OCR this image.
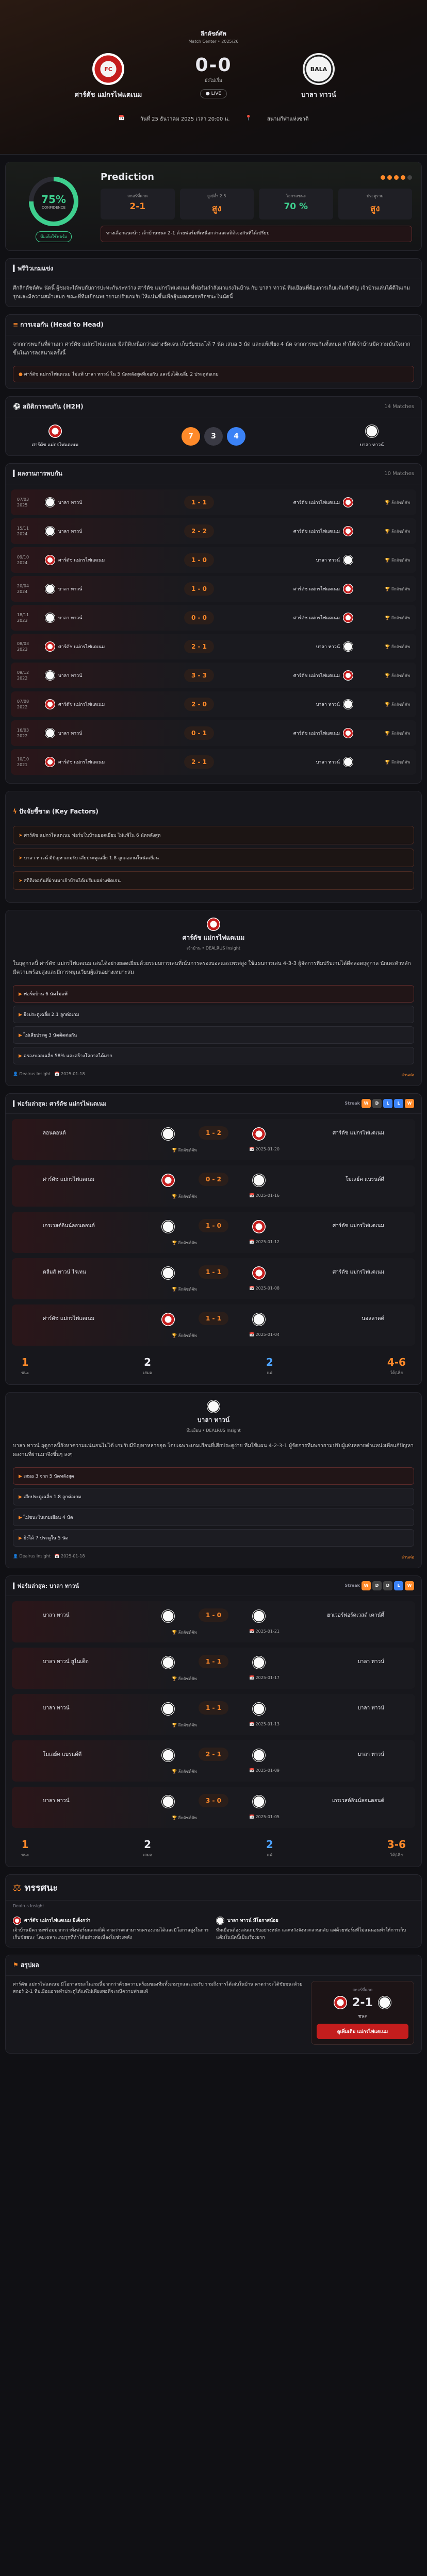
ลีกดัชต์คัพ
Match Center • 2025/26
FC
ศาร์ดัช แม่กรไฟแตเนม
0-0
ยังไม่เริ่ม
● LIVE
BALA
บาลา ทาวน์
📅	วันที่ 25 ธันวาคม 2025 เวลา 20:00 น.	📍	สนามกีฬาแห่งชาติ
75%
CONFIDENCE
ทีมเต็งใช้ฟอร์ม
Prediction
สกอร์ที่คาด
2-1
สูง/ต่ำ 2.5
สูง
โอกาสชนะ
70 %
ประตูรวม
สูง
ทางเลือกแนะนำ: เจ้าบ้านชนะ 2-1 ด้วยฟอร์มที่เหนือกว่าและสถิติเจอกันที่ได้เปรียบ
▍พรีวิวเกมแข่ง
ศึกลีกดัชต์คัพ นัดนี้ ผู้ชมจะได้พบกับการปะทะกันระหว่าง ศาร์ดัช แม่กรไฟแตเนม ที่ฟอร์มกำลังมาแรงในบ้าน กับ บาลา ทาวน์ ทีมเยือนที่ต้องการเก็บแต้มสำคัญ เจ้าบ้านเล่นได้ดีในเกมรุกและมีความสม่ำเสมอ ขณะที่ทีมเยือนพยายามปรับเกมรับให้แน่นขึ้นเพื่อลุ้นผลเสมอหรือชนะในนัดนี้
≡ การเจอกัน (Head to Head)
จากการพบกันที่ผ่านมา ศาร์ดัช แม่กรไฟแตเนม มีสถิติเหนือกว่าอย่างชัดเจน เก็บชัยชนะได้ 7 นัด เสมอ 3 นัด และแพ้เพียง 4 นัด จากการพบกันทั้งหมด ทำให้เจ้าบ้านมีความมั่นใจมากขึ้นในการลงสนามครั้งนี้
● ศาร์ดัช แม่กรไฟแตเนม ไม่แพ้ บาลา ทาวน์ ใน 5 นัดหลังสุดที่เจอกัน และยิงได้เฉลี่ย 2 ประตูต่อเกม
⚽ สถิติการพบกัน (H2H)	14 Matches
ศาร์ดัช แม่กรไฟแตเนม
7	3	4
บาลา ทาวน์
▍ผลงานการพบกัน	10 Matches
07/03
2025	บาลา ทาวน์	1 - 1	ศาร์ดัช แม่กรไฟแตเนม	🏆 ลีกดัชต์คัพ
15/11
2024	บาลา ทาวน์	2 - 2	ศาร์ดัช แม่กรไฟแตเนม	🏆 ลีกดัชต์คัพ
09/10
2024	ศาร์ดัช แม่กรไฟแตเนม	1 - 0	บาลา ทาวน์	🏆 ลีกดัชต์คัพ
20/04
2024	บาลา ทาวน์	1 - 0	ศาร์ดัช แม่กรไฟแตเนม	🏆 ลีกดัชต์คัพ
18/11
2023	บาลา ทาวน์	0 - 0	ศาร์ดัช แม่กรไฟแตเนม	🏆 ลีกดัชต์คัพ
08/03
2023	ศาร์ดัช แม่กรไฟแตเนม	2 - 1	บาลา ทาวน์	🏆 ลีกดัชต์คัพ
09/12
2022	บาลา ทาวน์	3 - 3	ศาร์ดัช แม่กรไฟแตเนม	🏆 ลีกดัชต์คัพ
07/08
2022	ศาร์ดัช แม่กรไฟแตเนม	2 - 0	บาลา ทาวน์	🏆 ลีกดัชต์คัพ
16/03
2022	บาลา ทาวน์	0 - 1	ศาร์ดัช แม่กรไฟแตเนม	🏆 ลีกดัชต์คัพ
10/10
2021	ศาร์ดัช แม่กรไฟแตเนม	2 - 1	บาลา ทาวน์	🏆 ลีกดัชต์คัพ
ϟ ปัจจัยชี้ขาด (Key Factors)
➤ ศาร์ดัช แม่กรไฟแตเนม ฟอร์มในบ้านยอดเยี่ยม ไม่แพ้ใน 6 นัดหลังสุด
➤ บาลา ทาวน์ มีปัญหาเกมรับ เสียประตูเฉลี่ย 1.8 ลูกต่อเกมในนัดเยือน
➤ สถิติเจอกันที่ผ่านมาเจ้าบ้านได้เปรียบอย่างชัดเจน
ศาร์ดัช แม่กรไฟแตเนม
เจ้าบ้าน • DEALRUS Insight
ในฤดูกาลนี้ ศาร์ดัช แม่กรไฟแตเนม เล่นได้อย่างยอดเยี่ยมด้วยระบบการเล่นที่เน้นการครองบอลและเพรสสูง ใช้แผนการเล่น 4-3-3 ผู้จัดการทีมปรับเกมได้ดีตลอดฤดูกาล นักเตะตัวหลักมีความพร้อมสูงและมีการหมุนเวียนผู้เล่นอย่างเหมาะสม
▶ ฟอร์มบ้าน 6 นัดไม่แพ้
▶ ยิงประตูเฉลี่ย 2.1 ลูกต่อเกม
▶ ไม่เสียประตู 3 นัดติดต่อกัน
▶ ครองบอลเฉลี่ย 58% และสร้างโอกาสได้มาก
👤 Dealrus Insight   📅 2025-01-18	อ่านต่อ
▍ฟอร์มล่าสุด: ศาร์ดัช แม่กรไฟแตเนม	Streak W D L L W
ลอนดอนต์	1 - 2	ศาร์ดัช แม่กรไฟแตเนม
🏆 ลีกดัชต์คัพ	📅 2025-01-20
ศาร์ดัช แม่กรไฟแตเนม	0 - 2	โมเลย์ค แบรนด์ดี
🏆 ลีกดัชต์คัพ	📅 2025-01-16
เกรเวสต์อินน์ลอนดอนต์	1 - 0	ศาร์ดัช แม่กรไฟแตเนม
🏆 ลีกดัชต์คัพ	📅 2025-01-12
คลีมส์ ทาวน์ ไรเทน	1 - 1	ศาร์ดัช แม่กรไฟแตเนม
🏆 ลีกดัชต์คัพ	📅 2025-01-08
ศาร์ดัช แม่กรไฟแตเนม	1 - 1	นอลลาดต์
🏆 ลีกดัชต์คัพ	📅 2025-01-04
1
ชนะ
2
เสมอ
2
แพ้
4-6
ได้/เสีย
บาลา ทาวน์
ทีมเยือน • DEALRUS Insight
บาลา ทาวน์ ฤดูกาลนี้ยังหาความแน่นอนไม่ได้ เกมรับมีปัญหาหลายจุด โดยเฉพาะเกมเยือนที่เสียประตูง่าย ทีมใช้แผน 4-2-3-1 ผู้จัดการทีมพยายามปรับผู้เล่นหลายตำแหน่งเพื่อแก้ปัญหา ผลงานที่ผ่านมาจึงขึ้นๆ ลงๆ
▶ เสมอ 3 จาก 5 นัดหลังสุด
▶ เสียประตูเฉลี่ย 1.8 ลูกต่อเกม
▶ ไม่ชนะในเกมเยือน 4 นัด
▶ ยิงได้ 7 ประตูใน 5 นัด
👤 Dealrus Insight   📅 2025-01-18	อ่านต่อ
▍ฟอร์มล่าสุด: บาลา ทาวน์	Streak W D D L W
บาลา ทาวน์	1 - 0	ฮาเวอร์ฟอร์ดเวสต์ เคาน์ตี้
🏆 ลีกดัชต์คัพ	📅 2025-01-21
บาลา ทาวน์ ยูไนเต็ด	1 - 1	บาลา ทาวน์
🏆 ลีกดัชต์คัพ	📅 2025-01-17
บาลา ทาวน์	1 - 1	บาลา ทาวน์
🏆 ลีกดัชต์คัพ	📅 2025-01-13
โมเลย์ค แบรนด์ดี	2 - 1	บาลา ทาวน์
🏆 ลีกดัชต์คัพ	📅 2025-01-09
บาลา ทาวน์	3 - 0	เกรเวสต์อินน์ลอนดอนต์
🏆 ลีกดัชต์คัพ	📅 2025-01-05
1
ชนะ
2
เสมอ
2
แพ้
3-6
ได้/เสีย
⚖ ทรรศนะ
Dealrus Insight
ศาร์ดัช แม่กรไฟแตเนม มีเต็งกว่า
เจ้าบ้านมีความพร้อมมากกว่าทั้งฟอร์มและสถิติ คาดว่าจะสามารถครองเกมได้และมีโอกาสสูงในการเก็บชัยชนะ โดยเฉพาะเกมรุกที่ทำได้อย่างต่อเนื่องในช่วงหลัง
บาลา ทาวน์ มีโอกาสน้อย
ทีมเยือนต้องเล่นเกมรับอย่างหนัก และหวังจังหวะสวนกลับ แต่ด้วยฟอร์มที่ไม่แน่นอนทำให้การเก็บแต้มในนัดนี้เป็นเรื่องยาก
⚑ สรุปผล
ศาร์ดัช แม่กรไฟแตเนม มีโอกาสชนะในเกมนี้มากกว่าด้วยความพร้อมของทีมทั้งเกมรุกและเกมรับ รวมถึงการได้เล่นในบ้าน คาดว่าจะได้ชัยชนะด้วยสกอร์ 2-1 ทีมเยือนอาจทำประตูได้แต่ไม่เพียงพอที่จะหนีความพ่ายแพ้	สกอร์ที่คาด
2-1
ชนะ
ดูเพิ่มเติม แม่กรไฟแตเนม
